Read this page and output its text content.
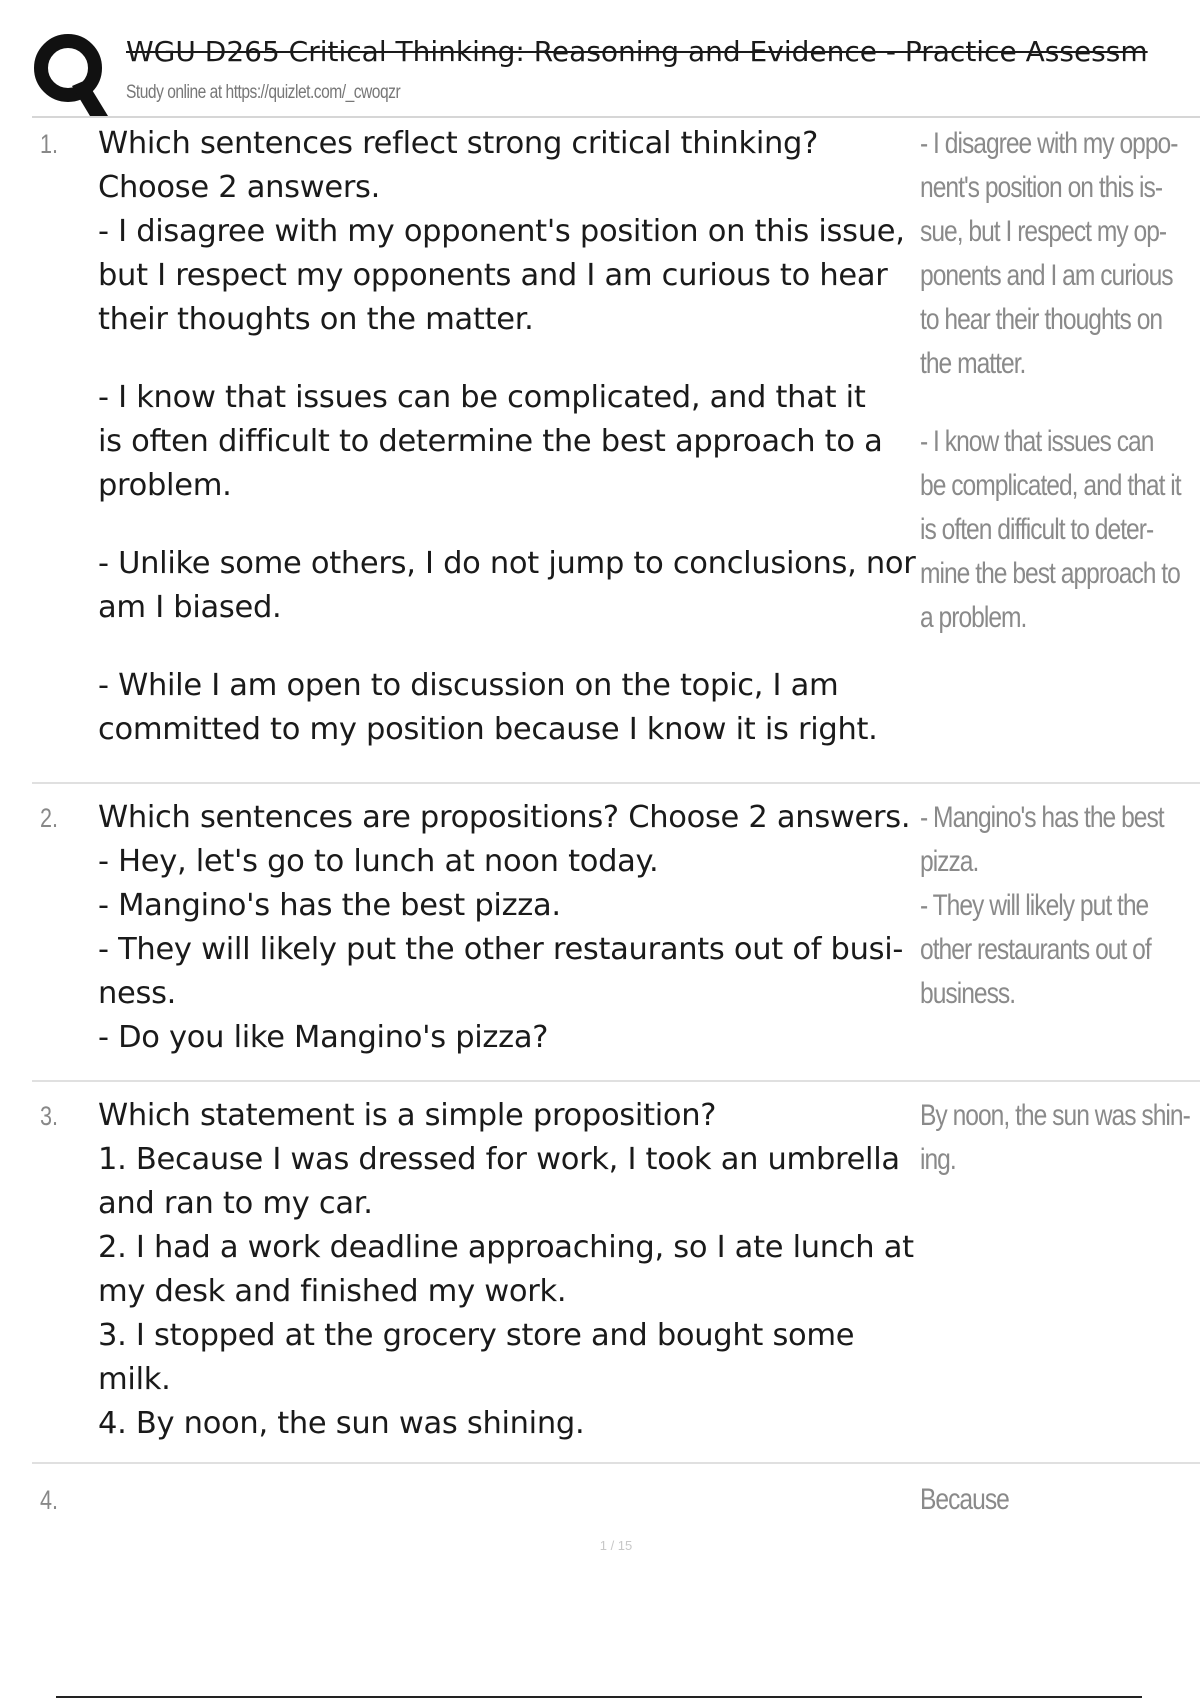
WGU D265 Critical Thinking: Reasoning and Evidence - Practice Assessm
Study online at https://quizlet.com/_cwoqzr
1. Which sentences reflect strong critical thinking?
Choose 2 answers.
- I disagree with my opponent's position on this issue,
but I respect my opponents and I am curious to hear
their thoughts on the matter.
- I know that issues can be complicated, and that it
is often difficult to determine the best approach to a
problem.
- Unlike some others, I do not jump to conclusions, nor
am I biased.
- While I am open to discussion on the topic, I am
committed to my position because I know it is right.
- I disagree with my oppo-
nent's position on this is-
sue, but I respect my op-
ponents and I am curious
to hear their thoughts on
the matter.
- I know that issues can
be complicated, and that it
is often difficult to deter-
mine the best approach to
a problem.
2. Which sentences are propositions? Choose 2 answers.
- Hey, let's go to lunch at noon today.
- Mangino's has the best pizza.
- They will likely put the other restaurants out of busi-
ness.
- Do you like Mangino's pizza?
- Mangino's has the best
pizza.
- They will likely put the
other restaurants out of
business.
3. Which statement is a simple proposition?
1. Because I was dressed for work, I took an umbrella
and ran to my car.
2. I had a work deadline approaching, so I ate lunch at
my desk and finished my work.
3. I stopped at the grocery store and bought some
milk.
4. By noon, the sun was shining.
By noon, the sun was shin-
ing.
4.	Because
1 / 15
